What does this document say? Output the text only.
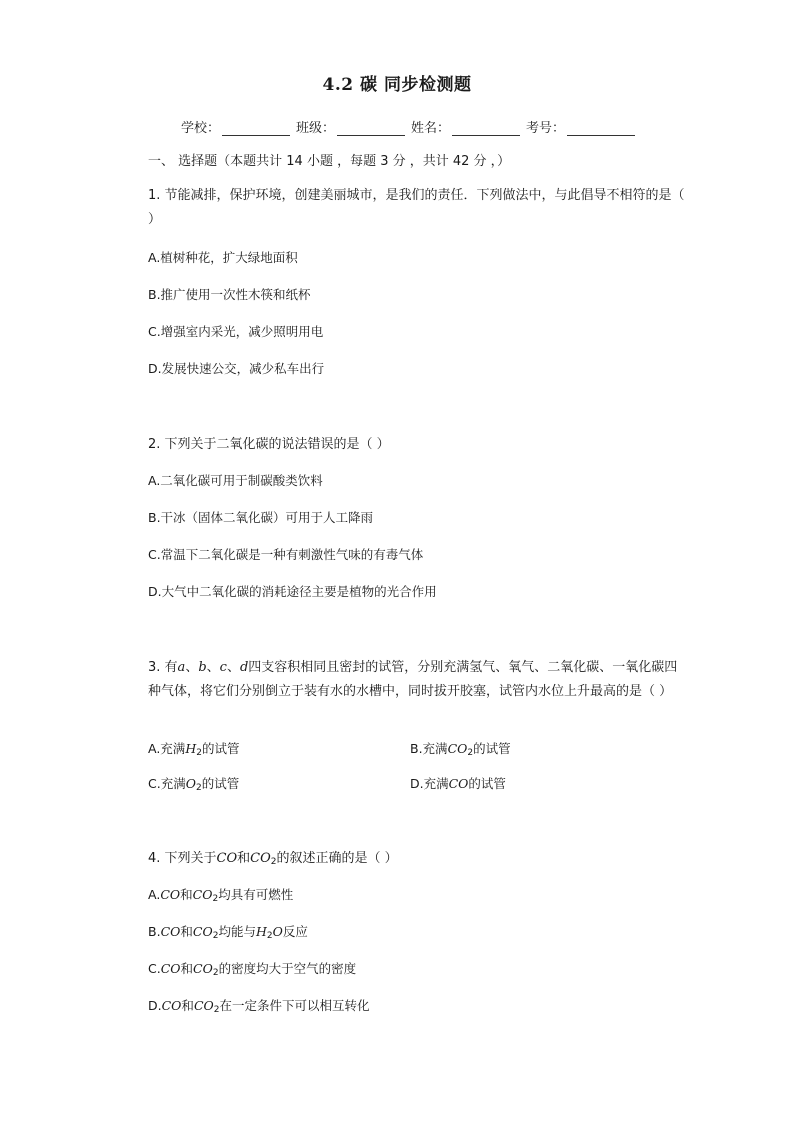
4.2 碳 同步检测题
学校：	班级：	姓名：	考号：
一、 选择题（本题共计 14 小题 ，每题 3 分 ，共计 42 分 ，）
1. 节能减排，保护环境，创建美丽城市，是我们的责任．下列做法中，与此倡导不相符的是（ ）
A.植树种花，扩大绿地面积
B.推广使用一次性木筷和纸杯
C.增强室内采光，减少照明用电
D.发展快速公交，减少私车出行
2. 下列关于二氧化碳的说法错误的是（ ）
A.二氧化碳可用于制碳酸类饮料
B.干冰（固体二氧化碳）可用于人工降雨
C.常温下二氧化碳是一种有刺激性气味的有毒气体
D.大气中二氧化碳的消耗途径主要是植物的光合作用
3. 有a、b、c、d四支容积相同且密封的试管，分别充满氢气、氧气、二氧化碳、一氧化碳四种气体，将它们分别倒立于装有水的水槽中，同时拔开胶塞，试管内水位上升最高的是（ ）
A.充满$H_2$的试管	B.充满$CO_2$的试管
C.充满$O_2$的试管	D.充满CO的试管
4. 下列关于CO和$CO_2$的叙述正确的是（ ）
A.CO和$CO_2$均具有可燃性
B.CO和$CO_2$均能与$H_2O$反应
C.CO和$CO_2$的密度均大于空气的密度
D.CO和$CO_2$在一定条件下可以相互转化
